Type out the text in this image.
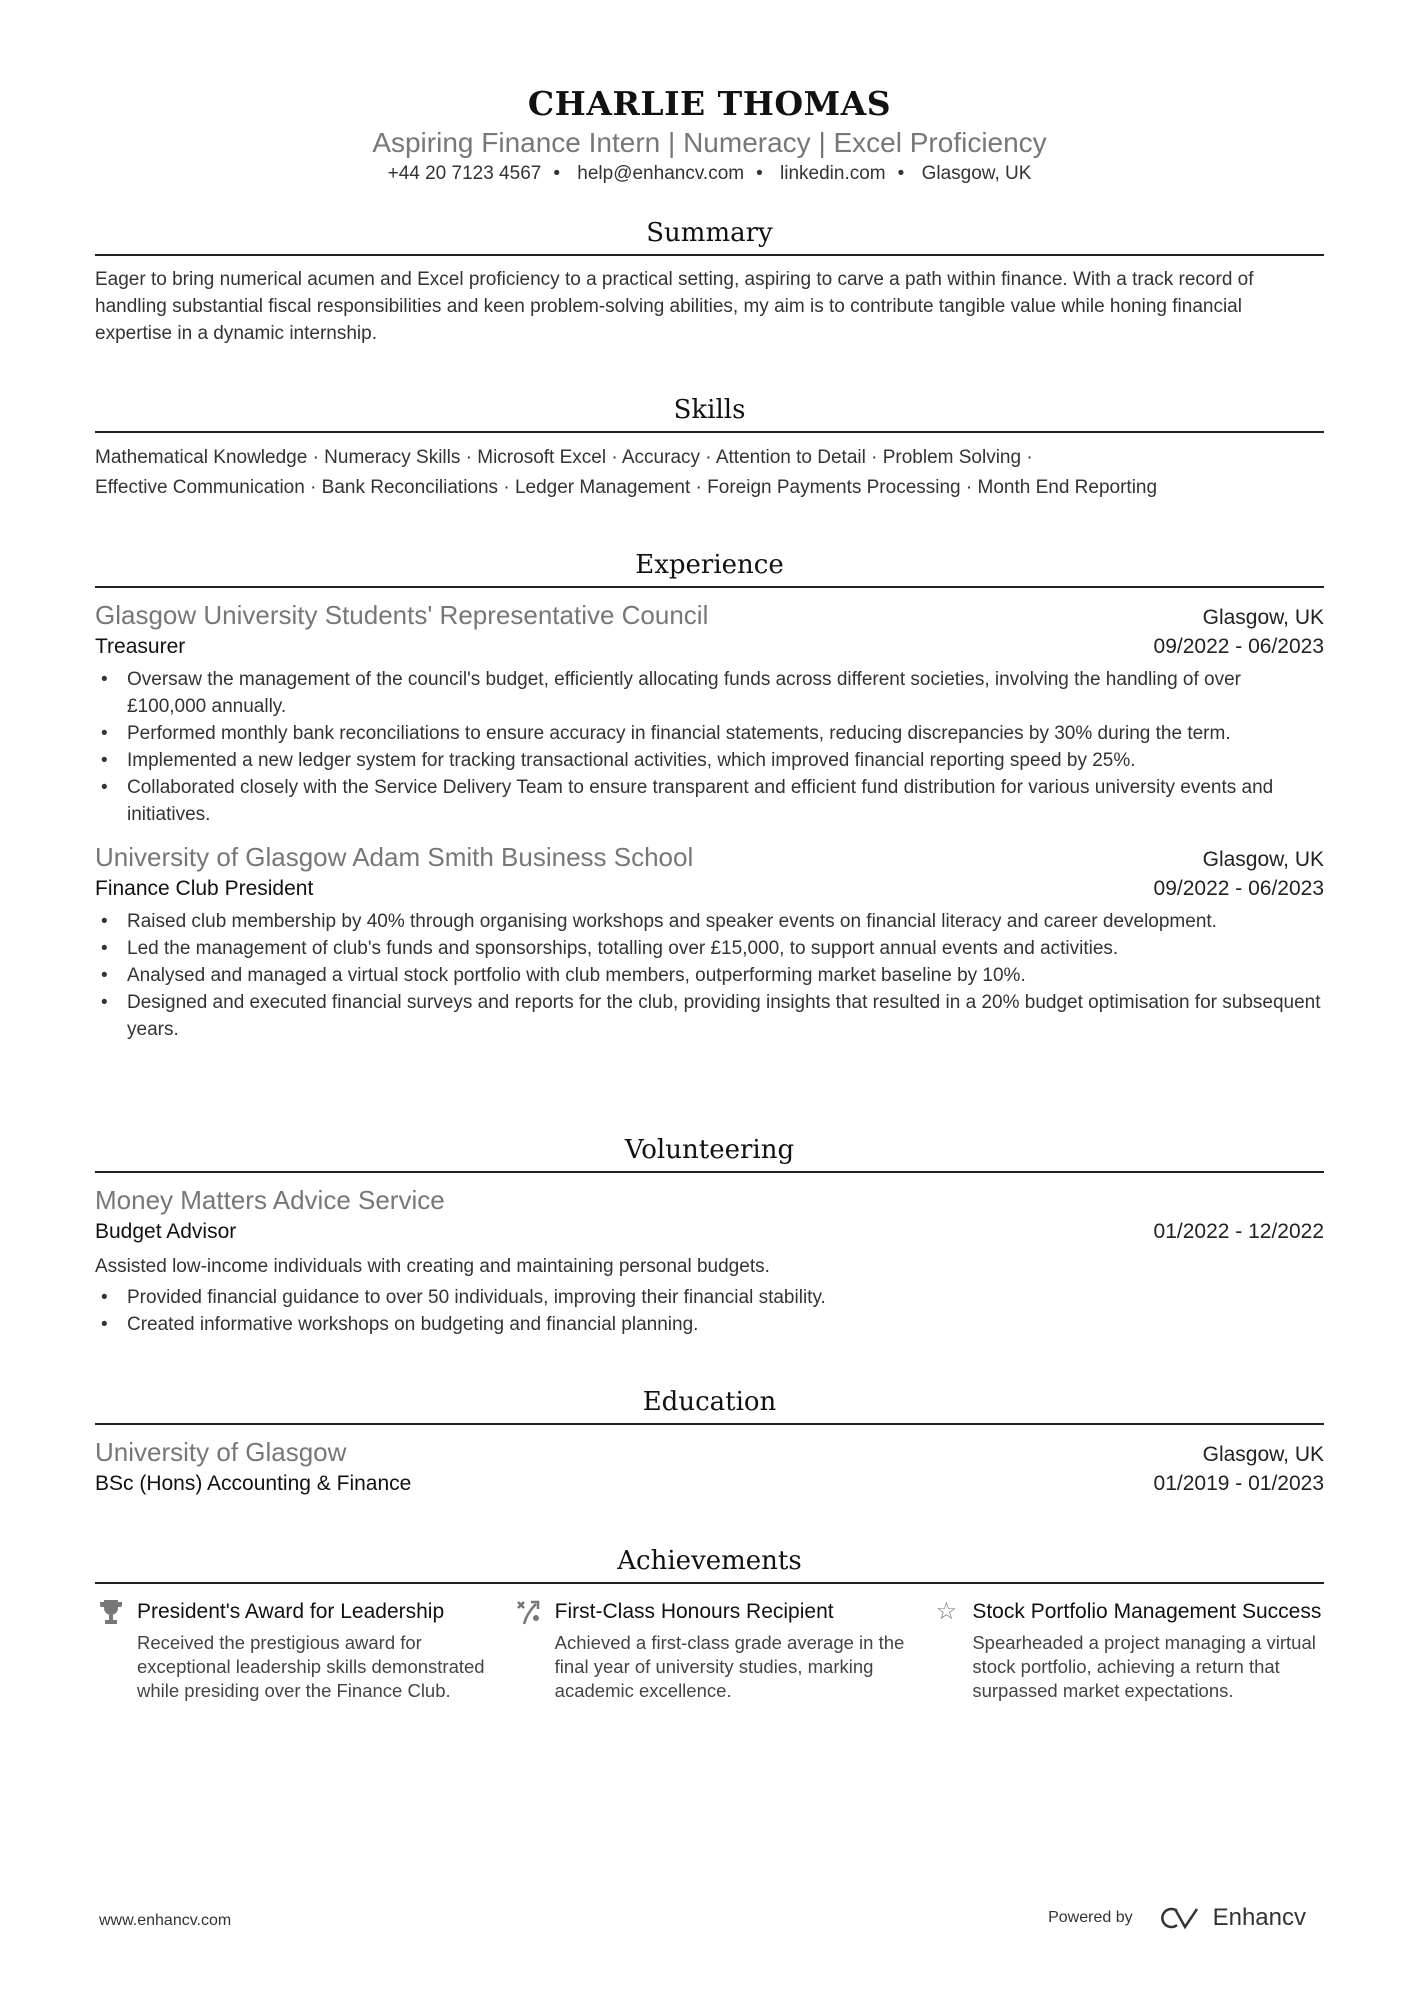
CHARLIE THOMAS
Aspiring Finance Intern | Numeracy | Excel Proficiency
+44 20 7123 4567 • help@enhancv.com • linkedin.com • Glasgow, UK
Summary
Eager to bring numerical acumen and Excel proficiency to a practical setting, aspiring to carve a path within finance. With a track record of handling substantial fiscal responsibilities and keen problem-solving abilities, my aim is to contribute tangible value while honing financial expertise in a dynamic internship.
Skills
Mathematical Knowledge · Numeracy Skills · Microsoft Excel · Accuracy · Attention to Detail · Problem Solving ·
Effective Communication · Bank Reconciliations · Ledger Management · Foreign Payments Processing · Month End Reporting
Experience
Glasgow University Students' Representative Council	Glasgow, UK
Treasurer	09/2022 - 06/2023
• Oversaw the management of the council's budget, efficiently allocating funds across different societies, involving the handling of over £100,000 annually.
• Performed monthly bank reconciliations to ensure accuracy in financial statements, reducing discrepancies by 30% during the term.
• Implemented a new ledger system for tracking transactional activities, which improved financial reporting speed by 25%.
• Collaborated closely with the Service Delivery Team to ensure transparent and efficient fund distribution for various university events and initiatives.
University of Glasgow Adam Smith Business School	Glasgow, UK
Finance Club President	09/2022 - 06/2023
• Raised club membership by 40% through organising workshops and speaker events on financial literacy and career development.
• Led the management of club's funds and sponsorships, totalling over £15,000, to support annual events and activities.
• Analysed and managed a virtual stock portfolio with club members, outperforming market baseline by 10%.
• Designed and executed financial surveys and reports for the club, providing insights that resulted in a 20% budget optimisation for subsequent years.
Volunteering
Money Matters Advice Service
Budget Advisor	01/2022 - 12/2022
Assisted low-income individuals with creating and maintaining personal budgets.
• Provided financial guidance to over 50 individuals, improving their financial stability.
• Created informative workshops on budgeting and financial planning.
Education
University of Glasgow	Glasgow, UK
BSc (Hons) Accounting & Finance	01/2019 - 01/2023
Achievements
President's Award for Leadership
Received the prestigious award for exceptional leadership skills demonstrated while presiding over the Finance Club.
First-Class Honours Recipient
Achieved a first-class grade average in the final year of university studies, marking academic excellence.
☆ Stock Portfolio Management Success
Spearheaded a project managing a virtual stock portfolio, achieving a return that surpassed market expectations.
www.enhancv.com	Powered by	Enhancv
